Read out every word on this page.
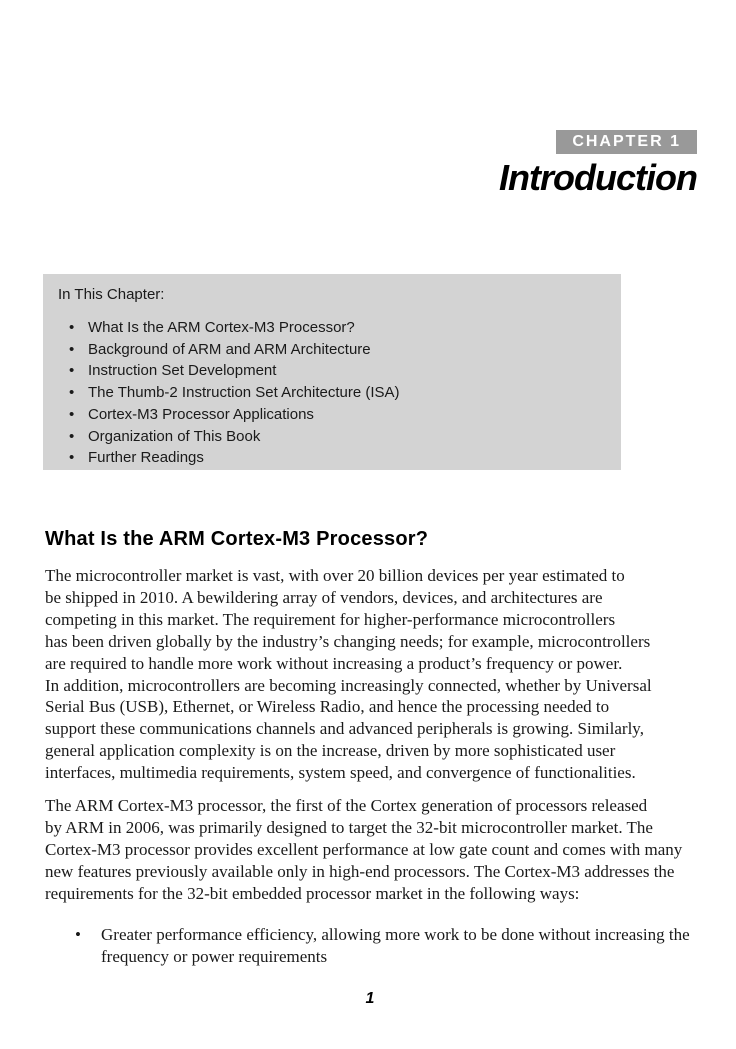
CHAPTER 1
Introduction
In This Chapter:
• What Is the ARM Cortex-M3 Processor?
• Background of ARM and ARM Architecture
• Instruction Set Development
• The Thumb-2 Instruction Set Architecture (ISA)
• Cortex-M3 Processor Applications
• Organization of This Book
• Further Readings
What Is the ARM Cortex-M3 Processor?
The microcontroller market is vast, with over 20 billion devices per year estimated to
be shipped in 2010. A bewildering array of vendors, devices, and architectures are
competing in this market. The requirement for higher-performance microcontrollers
has been driven globally by the industry’s changing needs; for example, microcontrollers
are required to handle more work without increasing a product’s frequency or power.
In addition, microcontrollers are becoming increasingly connected, whether by Universal
Serial Bus (USB), Ethernet, or Wireless Radio, and hence the processing needed to
support these communications channels and advanced peripherals is growing. Similarly,
general application complexity is on the increase, driven by more sophisticated user
interfaces, multimedia requirements, system speed, and convergence of functionalities.
The ARM Cortex-M3 processor, the first of the Cortex generation of processors released
by ARM in 2006, was primarily designed to target the 32-bit microcontroller market. The
Cortex-M3 processor provides excellent performance at low gate count and comes with many
new features previously available only in high-end processors. The Cortex-M3 addresses the
requirements for the 32-bit embedded processor market in the following ways:
• Greater performance efficiency, allowing more work to be done without increasing the
frequency or power requirements
1
